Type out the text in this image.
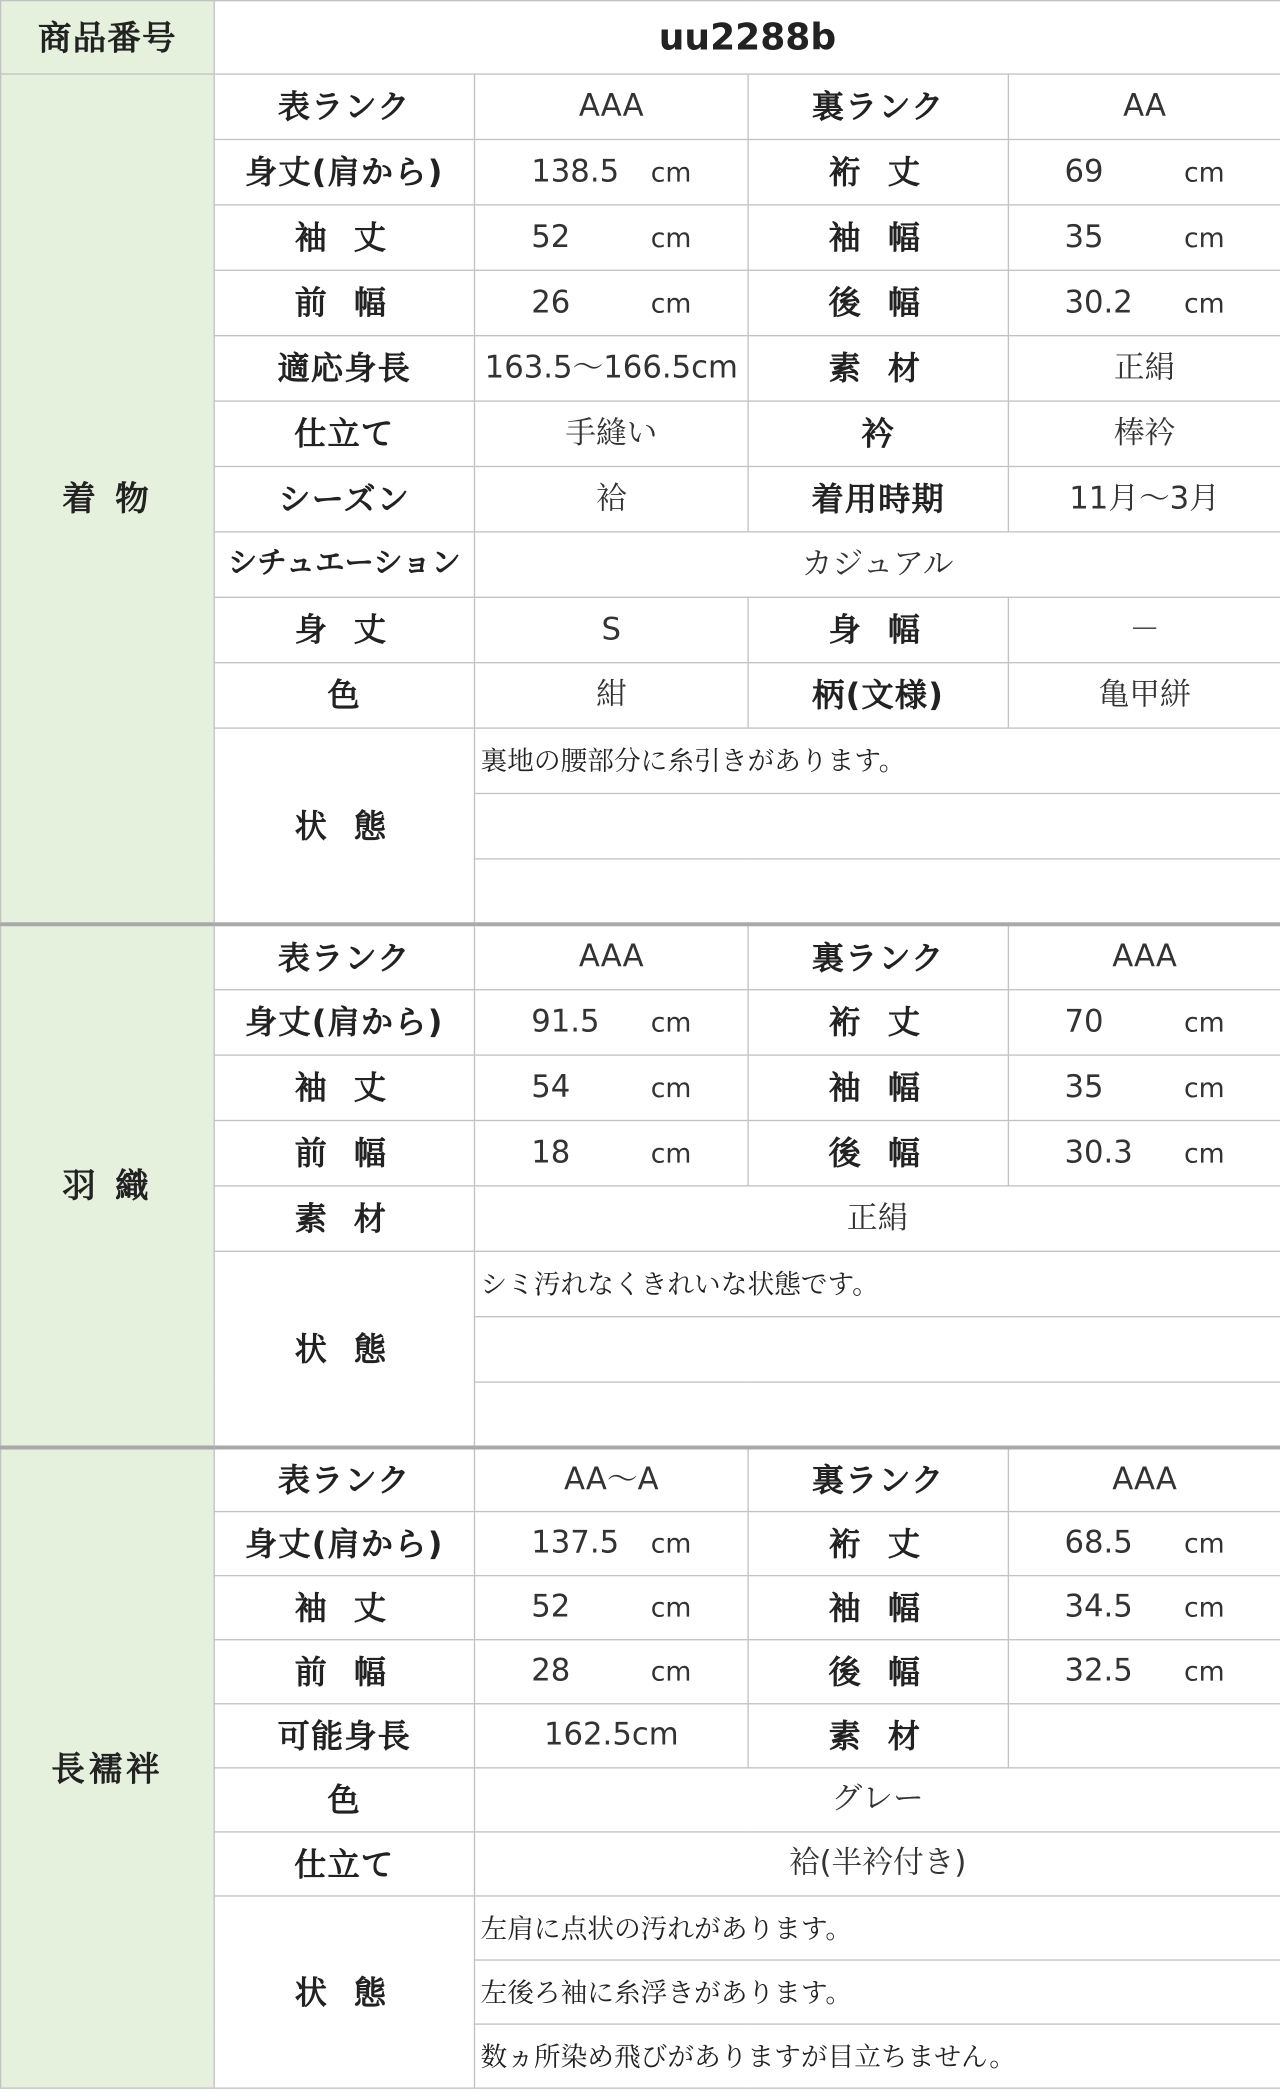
商品番号	uu2288b			
着 物	表ランク	AAA	裏ランク	AA
	身丈(肩から)	138.5 cm	裄 丈	69 cm
	袖 丈	52 cm	袖 幅	35 cm
	前 幅	26 cm	後 幅	30.2 cm
	適応身長	163.5～166.5cm	素 材	正絹
	仕立て	手縫い	衿	棒衿
	シーズン	袷	着用時期	11月～3月
	シチュエーション	カジュアル		
	身 丈	S	身 幅	－
	色	紺	柄(文様)	亀甲絣
	状 態	裏地の腰部分に糸引きがあります。		

羽 織	表ランク	AAA	裏ランク	AAA
	身丈(肩から)	91.5 cm	裄 丈	70 cm
	袖 丈	54 cm	袖 幅	35 cm
	前 幅	18 cm	後 幅	30.3 cm
	素 材	正絹		
	状 態	シミ汚れなくきれいな状態です。		

長襦袢	表ランク	AA～A	裏ランク	AAA
	身丈(肩から)	137.5 cm	裄 丈	68.5 cm
	袖 丈	52 cm	袖 幅	34.5 cm
	前 幅	28 cm	後 幅	32.5 cm
	可能身長	162.5cm	素 材	
	色	グレー		
	仕立て	袷(半衿付き)		
	状 態	左肩に点状の汚れがあります。		
		左後ろ袖に糸浮きがあります。		
		数ヵ所染め飛びがありますが目立ちません。		
